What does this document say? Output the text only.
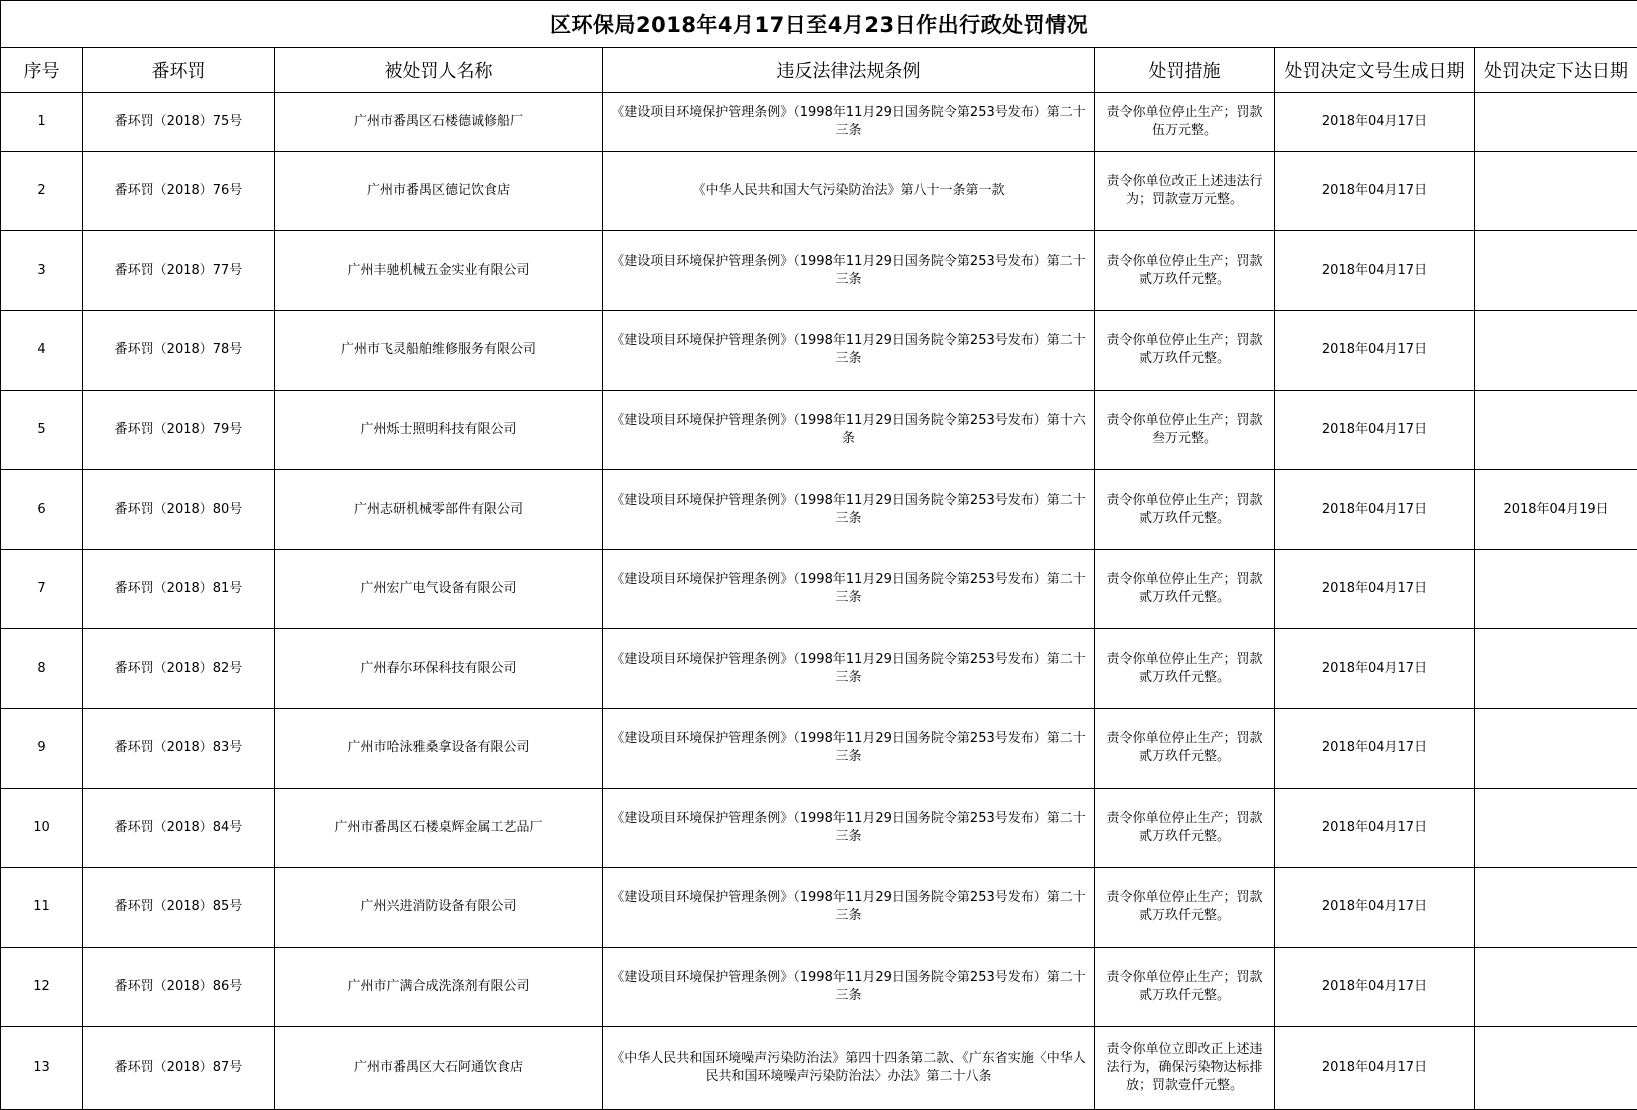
区环保局2018年4月17日至4月23日作出行政处罚情况						
序号	番环罚	被处罚人名称	违反法律法规条例	处罚措施	处罚决定文号生成日期	处罚决定下达日期
1	番环罚（2018）75号	广州市番禺区石楼德诚修船厂	《建设项目环境保护管理条例》（1998年11月29日国务院令第253号发布）第二十三条	责令你单位停止生产；罚款伍万元整。	2018年04月17日	
2	番环罚（2018）76号	广州市番禺区德记饮食店	《中华人民共和国大气污染防治法》第八十一条第一款	责令你单位改正上述违法行为；罚款壹万元整。	2018年04月17日	
3	番环罚（2018）77号	广州丰驰机械五金实业有限公司	《建设项目环境保护管理条例》（1998年11月29日国务院令第253号发布）第二十三条	责令你单位停止生产；罚款贰万玖仟元整。	2018年04月17日	
4	番环罚（2018）78号	广州市飞灵船舶维修服务有限公司	《建设项目环境保护管理条例》（1998年11月29日国务院令第253号发布）第二十三条	责令你单位停止生产；罚款贰万玖仟元整。	2018年04月17日	
5	番环罚（2018）79号	广州烁士照明科技有限公司	《建设项目环境保护管理条例》（1998年11月29日国务院令第253号发布）第十六条	责令你单位停止生产；罚款叁万元整。	2018年04月17日	
6	番环罚（2018）80号	广州志研机械零部件有限公司	《建设项目环境保护管理条例》（1998年11月29日国务院令第253号发布）第二十三条	责令你单位停止生产；罚款贰万玖仟元整。	2018年04月17日	2018年04月19日
7	番环罚（2018）81号	广州宏广电气设备有限公司	《建设项目环境保护管理条例》（1998年11月29日国务院令第253号发布）第二十三条	责令你单位停止生产；罚款贰万玖仟元整。	2018年04月17日	
8	番环罚（2018）82号	广州春尔环保科技有限公司	《建设项目环境保护管理条例》（1998年11月29日国务院令第253号发布）第二十三条	责令你单位停止生产；罚款贰万玖仟元整。	2018年04月17日	
9	番环罚（2018）83号	广州市哈泳雅桑拿设备有限公司	《建设项目环境保护管理条例》（1998年11月29日国务院令第253号发布）第二十三条	责令你单位停止生产；罚款贰万玖仟元整。	2018年04月17日	
10	番环罚（2018）84号	广州市番禺区石楼桌辉金属工艺品厂	《建设项目环境保护管理条例》（1998年11月29日国务院令第253号发布）第二十三条	责令你单位停止生产；罚款贰万玖仟元整。	2018年04月17日	
11	番环罚（2018）85号	广州兴进消防设备有限公司	《建设项目环境保护管理条例》（1998年11月29日国务院令第253号发布）第二十三条	责令你单位停止生产；罚款贰万玖仟元整。	2018年04月17日	
12	番环罚（2018）86号	广州市广满合成洗涤剂有限公司	《建设项目环境保护管理条例》（1998年11月29日国务院令第253号发布）第二十三条	责令你单位停止生产；罚款贰万玖仟元整。	2018年04月17日	
13	番环罚（2018）87号	广州市番禺区大石阿通饮食店	《中华人民共和国环境噪声污染防治法》第四十四条第二款、《广东省实施〈中华人民共和国环境噪声污染防治法〉办法》第二十八条	责令你单位立即改正上述违法行为，确保污染物达标排放；罚款壹仟元整。	2018年04月17日	
